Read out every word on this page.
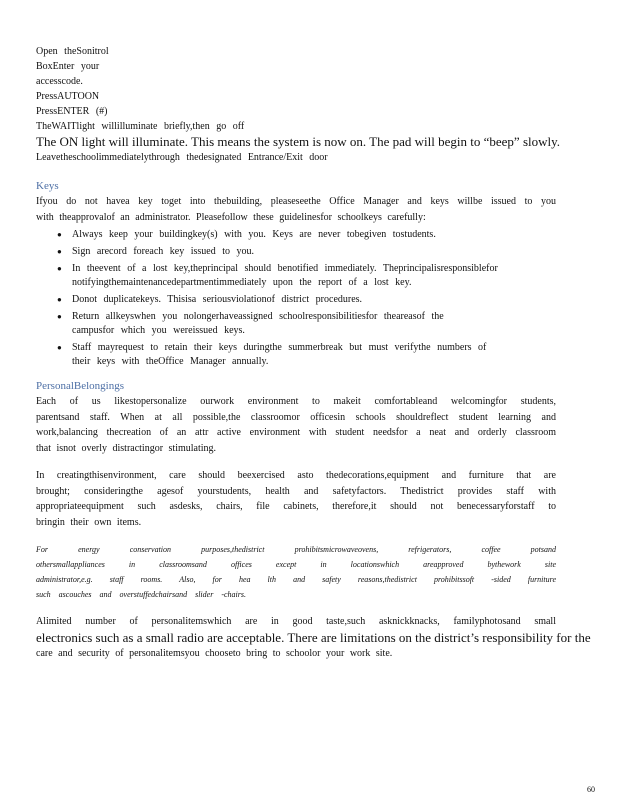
Open theSonitrol
BoxEnter your
accesscode.
PressAUTOON
PressENTER (#)
TheWAITlight willilluminate briefly,then go off
The ON light will illuminate. This means the system is now on. The pad will begin to “beep” slowly.
Leavetheschoolimmediatelythrough thedesignated Entrance/Exit door
Keys
Ifyou do not havea key toget into thebuilding, pleaseseethe Office Manager and keys willbe issued to you
with theapprovalof an administrator. Pleasefollow these guidelinesfor schoolkeys carefully:
● Always keep your buildingkey(s) with you. Keys are never tobegiven tostudents.
● Sign arecord foreach key issued to you.
● In theevent of a lost key,theprincipal should benotified immediately. Theprincipalisresponsiblefor
notifyingthemaintenancedepartmentimmediately upon the report of a lost key.
● Donot duplicatekeys. Thisisa seriousviolationof district procedures.
● Return allkeyswhen you nolongerhaveassigned schoolresponsibilitiesfor theareasof the
campusfor which you wereissued keys.
● Staff mayrequest to retain their keys duringthe summerbreak but must verifythe numbers of
their keys with theOffice Manager annually.
PersonalBelongings
Each of us likestopersonalize ourwork environment to makeit comfortableand welcomingfor students,
parentsand staff. When at all possible,the classroomor officesin schools shouldreflect student learning and
work,balancing thecreation of an attr active environment with student needsfor a neat and orderly classroom
that isnot overly distractingor stimulating.
In creatingthisenvironment, care should beexercised asto thedecorations,equipment and furniture that are
brought; consideringthe agesof yourstudents, health and safetyfactors. Thedistrict provides staff with
appropriateequipment such asdesks, chairs, file cabinets, therefore,it should not benecessaryforstaff to
bringin their own items.
For energy conservation purposes,thedistrict prohibitsmicrowaveovens, refrigerators, coffee potsand
othersmallappliances in classroomsand offices except in locationswhich areapproved bythework site
administrator,e.g. staff rooms. Also, for hea lth and safety reasons,thedistrict prohibitssoft -sided furniture
such ascouches and overstuffedchairsand slider -chairs.
Alimited number of personalitemswhich are in good taste,such asknickknacks, familyphotosand small
electronics such as a small radio are acceptable. There are limitations on the district’s responsibility for the
care and security of personalitemsyou chooseto bring to schoolor your work site.
60
